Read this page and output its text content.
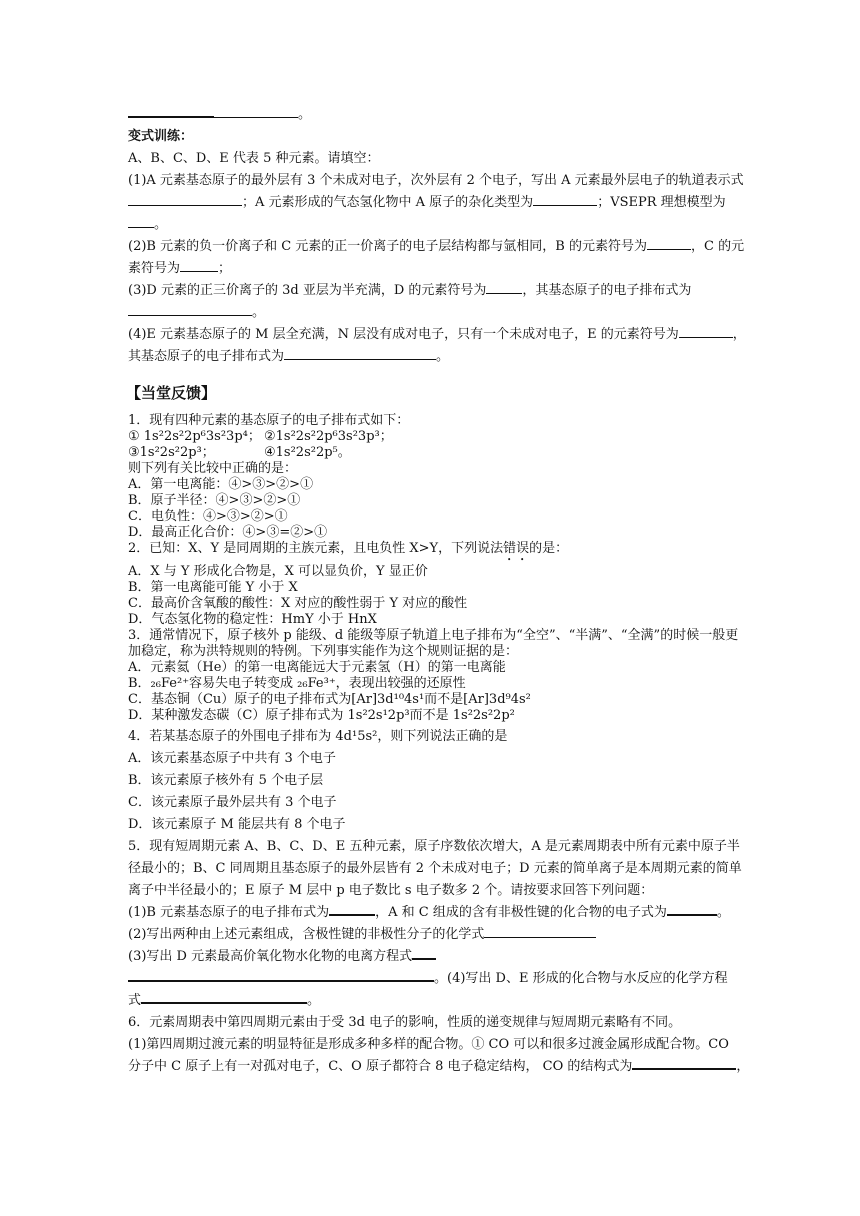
。
变式训练：
A、B、C、D、E 代表 5 种元素。请填空：
(1)A 元素基态原子的最外层有 3 个未成对电子，次外层有 2 个电子，写出 A 元素最外层电子的轨道表示式
；A 元素形成的气态氢化物中 A 原子的杂化类型为	；VSEPR 理想模型为
。
(2)B 元素的负一价离子和 C 元素的正一价离子的电子层结构都与氩相同，B 的元素符号为	，C 的元
素符号为	；
(3)D 元素的正三价离子的 3d 亚层为半充满，D 的元素符号为	，其基态原子的电子排布式为
。
(4)E 元素基态原子的 M 层全充满，N 层没有成对电子，只有一个未成对电子，E 的元素符号为	，
其基态原子的电子排布式为	。
【当堂反馈】
1．现有四种元素的基态原子的电子排布式如下：
① 1s²2s²2p⁶3s²3p⁴； ②1s²2s²2p⁶3s²3p³；
③1s²2s²2p³；	④1s²2s²2p⁵。
则下列有关比较中正确的是：
A．第一电离能：④>③>②>①
B．原子半径：④>③>②>①
C．电负性：④>③>②>①
D．最高正化合价：④>③=②>①
2．已知：X、Y 是同周期的主族元素，且电负性 X>Y，下列说法错误的是：
A．X 与 Y 形成化合物是，X 可以显负价，Y 显正价
B．第一电离能可能 Y 小于 X
C．最高价含氧酸的酸性：X 对应的酸性弱于 Y 对应的酸性
D．气态氢化物的稳定性：HmY 小于 HnX
3．通常情况下，原子核外 p 能级、d 能级等原子轨道上电子排布为“全空”、“半满”、“全满”的时候一般更
加稳定，称为洪特规则的特例。下列事实能作为这个规则证据的是：
A．元素氦（He）的第一电离能远大于元素氢（H）的第一电离能
B．₂₆Fe²⁺容易失电子转变成 ₂₆Fe³⁺，表现出较强的还原性
C．基态铜（Cu）原子的电子排布式为[Ar]3d¹⁰4s¹而不是[Ar]3d⁹4s²
D．某种激发态碳（C）原子排布式为 1s²2s¹2p³而不是 1s²2s²2p²
4．若某基态原子的外围电子排布为 4d¹5s²，则下列说法正确的是
A．该元素基态原子中共有 3 个电子
B．该元素原子核外有 5 个电子层
C．该元素原子最外层共有 3 个电子
D．该元素原子 M 能层共有 8 个电子
5．现有短周期元素 A、B、C、D、E 五种元素，原子序数依次增大，A 是元素周期表中所有元素中原子半
径最小的；B、C 同周期且基态原子的最外层皆有 2 个未成对电子；D 元素的简单离子是本周期元素的简单
离子中半径最小的；E 原子 M 层中 p 电子数比 s 电子数多 2 个。请按要求回答下列问题：
(1)B 元素基态原子的电子排布式为	，A 和 C 组成的含有非极性键的化合物的电子式为	。
(2)写出两种由上述元素组成，含极性键的非极性分子的化学式
(3)写出 D 元素最高价氧化物水化物的电离方程式
。(4)写出 D、E 形成的化合物与水反应的化学方程
式	。
6．元素周期表中第四周期元素由于受 3d 电子的影响，性质的递变规律与短周期元素略有不同。
(1)第四周期过渡元素的明显特征是形成多种多样的配合物。① CO 可以和很多过渡金属形成配合物。CO
分子中 C 原子上有一对孤对电子，C、O 原子都符合 8 电子稳定结构， CO 的结构式为	，
